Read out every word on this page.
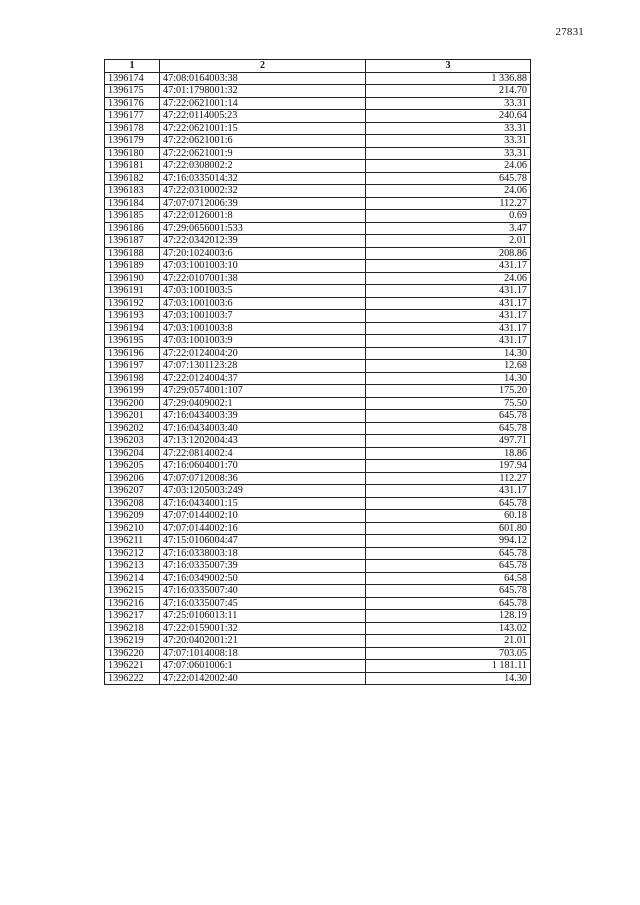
27831
1	2	3
1396174	47:08:0164003:38	1 336.88
1396175	47:01:1798001:32	214.70
1396176	47:22:0621001:14	33.31
1396177	47:22:0114005:23	240.64
1396178	47:22:0621001:15	33.31
1396179	47:22:0621001:6	33.31
1396180	47:22:0621001:9	33.31
1396181	47:22:0308002:2	24.06
1396182	47:16:0335014:32	645.78
1396183	47:22:0310002:32	24.06
1396184	47:07:0712006:39	112.27
1396185	47:22:0126001:8	0.69
1396186	47:29:0656001:533	3.47
1396187	47:22:0342012:39	2.01
1396188	47:20:1024003:6	208.86
1396189	47:03:1001003:10	431.17
1396190	47:22:0107001:38	24.06
1396191	47:03:1001003:5	431.17
1396192	47:03:1001003:6	431.17
1396193	47:03:1001003:7	431.17
1396194	47:03:1001003:8	431.17
1396195	47:03:1001003:9	431.17
1396196	47:22:0124004:20	14.30
1396197	47:07:1301123:28	12.68
1396198	47:22:0124004:37	14.30
1396199	47:29:0574001:107	175.20
1396200	47:29:0409002:1	75.50
1396201	47:16:0434003:39	645.78
1396202	47:16:0434003:40	645.78
1396203	47:13:1202004:43	497.71
1396204	47:22:0814002:4	18.86
1396205	47:16:0604001:70	197.94
1396206	47:07:0712008:36	112.27
1396207	47:03:1205003:249	431.17
1396208	47:16:0434001:15	645.78
1396209	47:07:0144002:10	60.18
1396210	47:07:0144002:16	601.80
1396211	47:15:0106004:47	994.12
1396212	47:16:0338003:18	645.78
1396213	47:16:0335007:39	645.78
1396214	47:16:0349002:50	64.58
1396215	47:16:0335007:40	645.78
1396216	47:16:0335007:45	645.78
1396217	47:25:0106013:11	128.19
1396218	47:22:0159001:32	143.02
1396219	47:20:0402001:21	21.01
1396220	47:07:1014008:18	703.05
1396221	47:07:0601006:1	1 181.11
1396222	47:22:0142002:40	14.30
